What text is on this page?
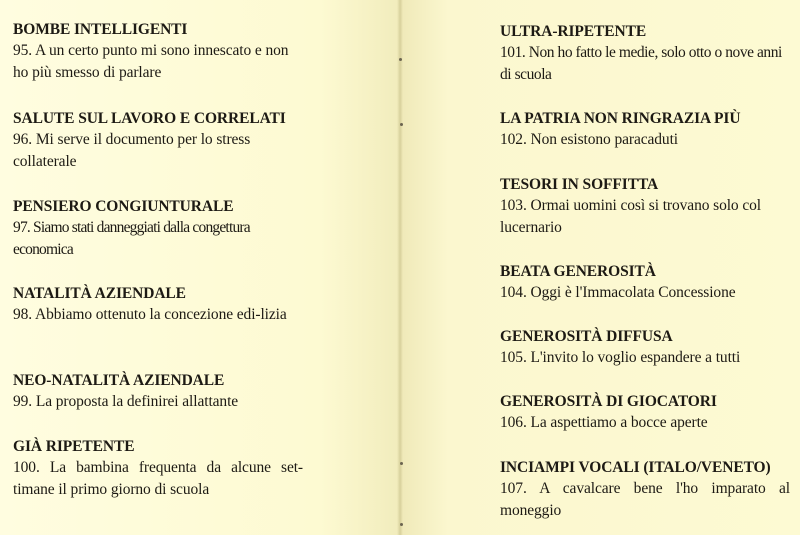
BOMBE INTELLIGENTI
95. A un certo punto mi sono innescato e non ho più smesso di parlare
SALUTE SUL LAVORO E CORRELATI
96. Mi serve il documento per lo stress collaterale
PENSIERO CONGIUNTURALE
97. Siamo stati danneggiati dalla congettura economica
NATALITÀ AZIENDALE
98. Abbiamo ottenuto la concezione edi-lizia
NEO-NATALITÀ AZIENDALE
99. La proposta la definirei allattante
GIÀ RIPETENTE
100. La bambina frequenta da alcune set-timane il primo giorno di scuola
ULTRA-RIPETENTE
101. Non ho fatto le medie, solo otto o nove anni di scuola
LA PATRIA NON RINGRAZIA PIÙ
102. Non esistono paracaduti
TESORI IN SOFFITTA
103. Ormai uomini così si trovano solo col lucernario
BEATA GENEROSITÀ
104. Oggi è l'Immacolata Concessione
GENEROSITÀ DIFFUSA
105. L'invito lo voglio espandere a tutti
GENEROSITÀ DI GIOCATORI
106. La aspettiamo a bocce aperte
INCIAMPI VOCALI (ITALO/VENETO)
107. A cavalcare bene l'ho imparato al moneggio
